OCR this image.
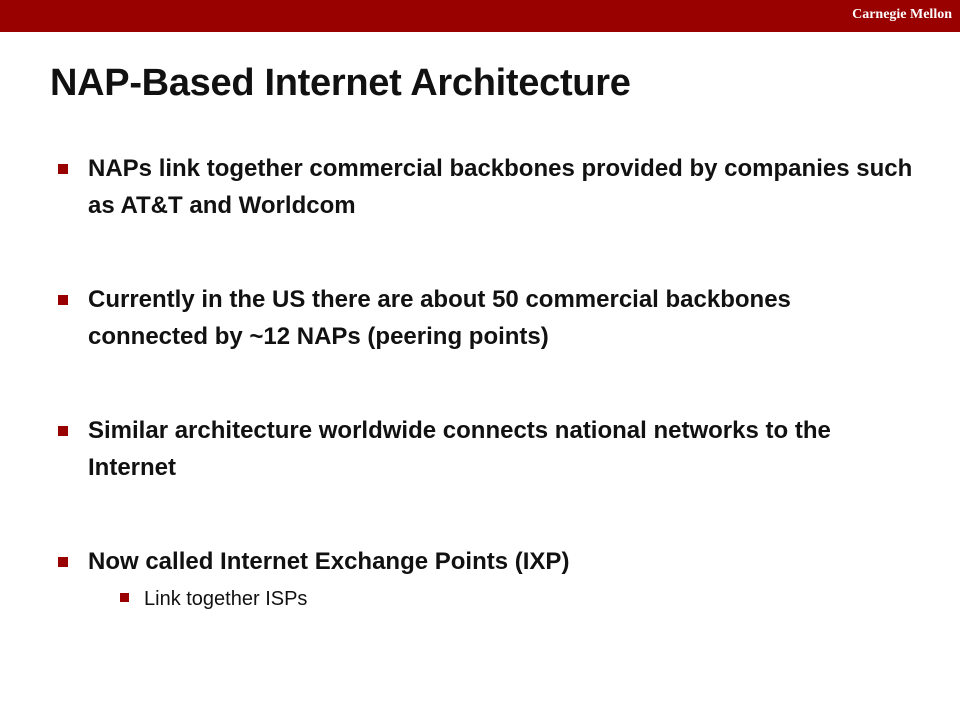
Carnegie Mellon
NAP-Based Internet Architecture
NAPs link together commercial backbones provided by companies such as AT&T and Worldcom
Currently in the US there are about 50 commercial backbones connected by ~12 NAPs (peering points)
Similar architecture worldwide connects national networks to the Internet
Now called Internet Exchange Points (IXP)
Link together ISPs
